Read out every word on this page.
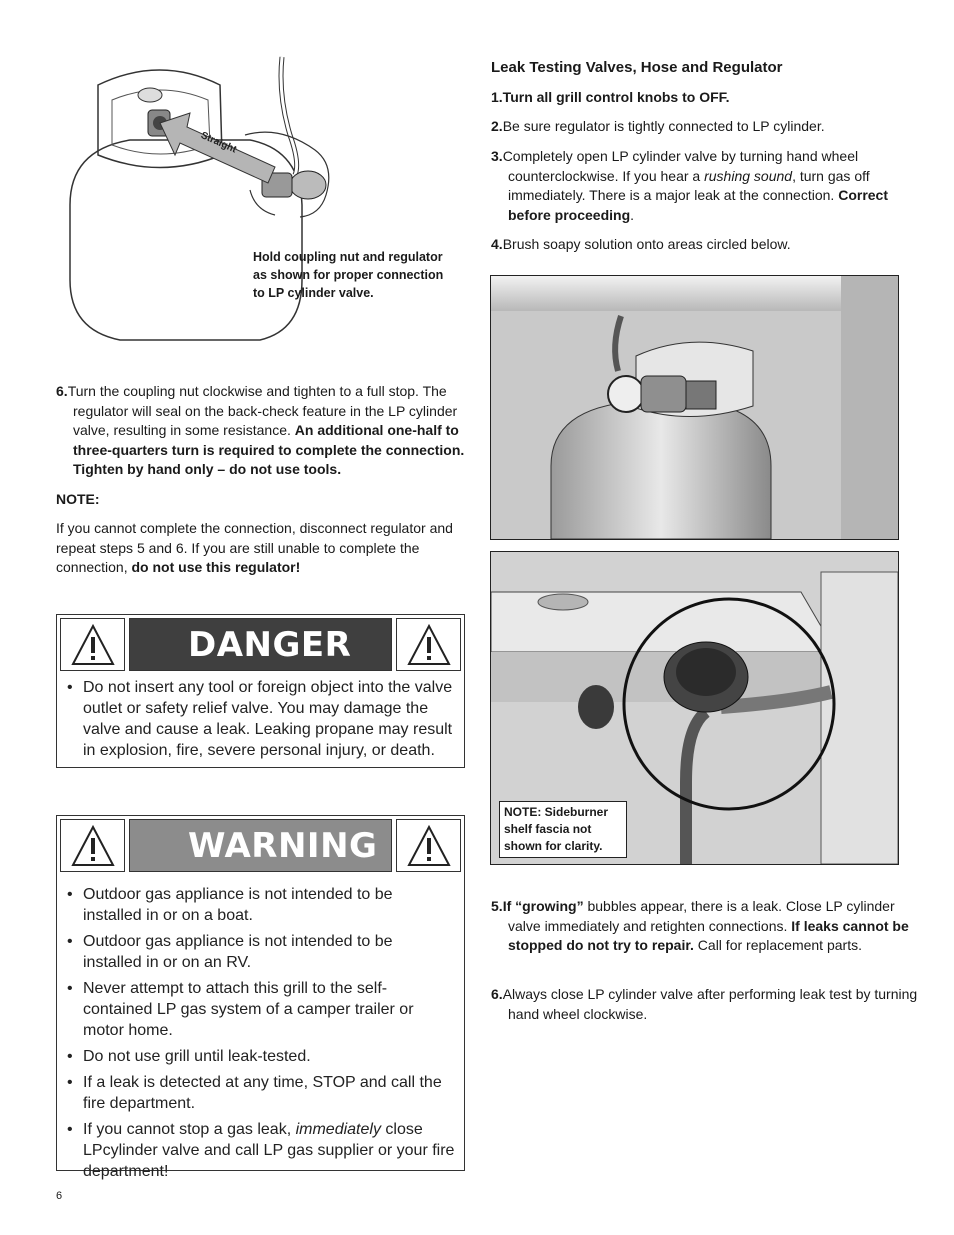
Straight
Hold coupling nut and regulator
as shown for proper connection
to LP cylinder valve.

6.Turn the coupling nut clockwise and tighten to a full stop. The regulator will seal on the back-check feature in the LP cylinder valve, resulting in some resistance. An additional one-half to three-quarters turn is required to complete the connection. Tighten by hand only – do not use tools.

NOTE:

If you cannot complete the connection, disconnect regulator and repeat steps 5 and 6. If you are still unable to complete the connection, do not use this regulator!

DANGER
• Do not insert any tool or foreign object into the valve outlet or safety relief valve. You may damage the valve and cause a leak. Leaking propane may result in explosion, fire, severe personal injury, or death.
WARNING
• Outdoor gas appliance is not intended to be installed in or on a boat.
• Outdoor gas appliance is not intended to be installed in or on an RV.
• Never attempt to attach this grill to the self-contained LP gas system of a camper trailer or motor home.
• Do not use grill until leak-tested.
• If a leak is detected at any time, STOP and call the fire department.
• If you cannot stop a gas leak, immediately close LPcylinder valve and call LP gas supplier or your fire department!

Leak Testing Valves, Hose and Regulator

1.Turn all grill control knobs to OFF.

2.Be sure regulator is tightly connected to LP cylinder.

3.Completely open LP cylinder valve by turning hand wheel counterclockwise. If you hear a rushing sound, turn gas off immediately. There is a major leak at the connection. Correct before proceeding.

4.Brush soapy solution onto areas circled below.

NOTE: Sideburner
shelf fascia not
shown for clarity.

5.If “growing” bubbles appear, there is a leak. Close LP cylinder valve immediately and retighten connections. If leaks cannot be stopped do not try to repair. Call for replacement parts.

6.Always close LP cylinder valve after performing leak test by turning hand wheel clockwise.

6
